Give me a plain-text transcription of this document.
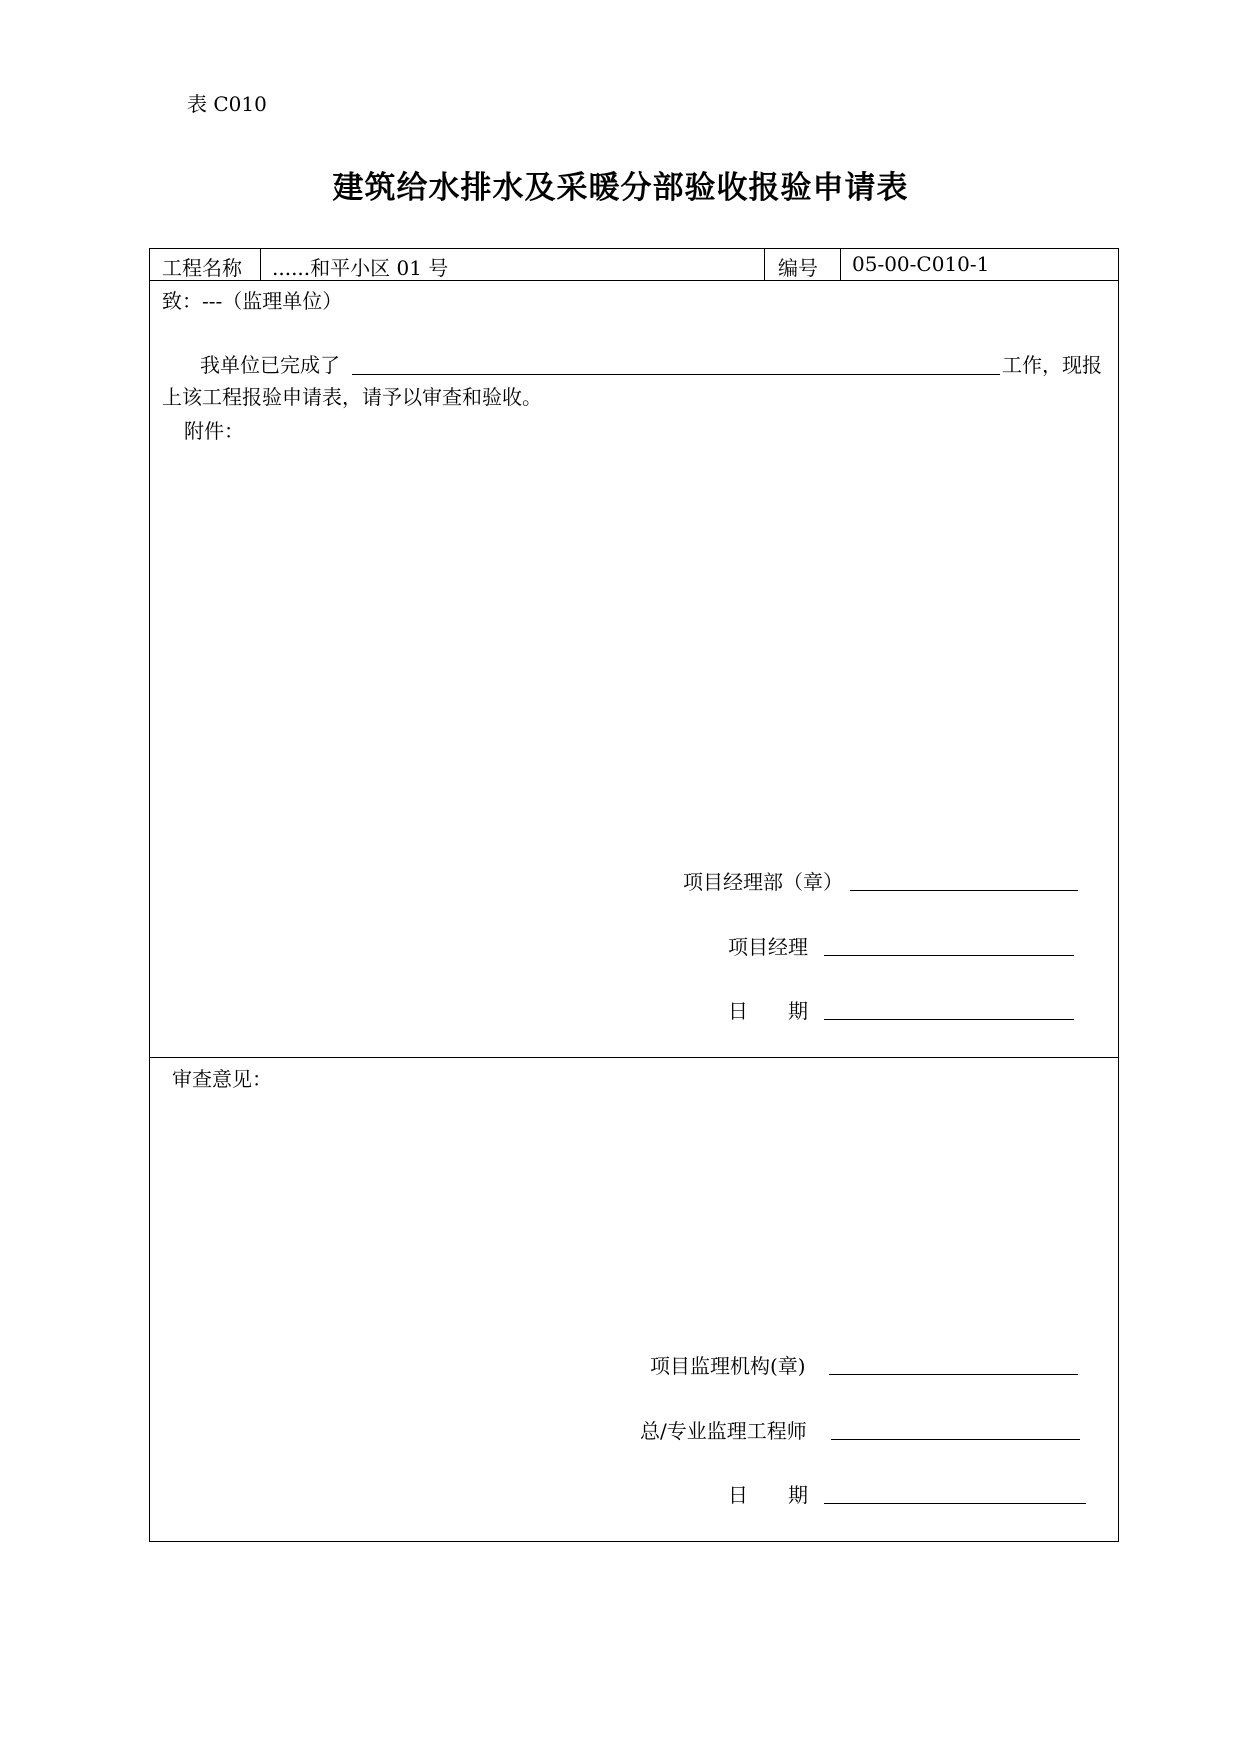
表 C010
建筑给水排水及采暖分部验收报验申请表
工程名称 ......和平小区 01 号	编号 05-00-C010-1
致：---（监理单位）
我单位已完成了	工作，现报
上该工程报验申请表，请予以审查和验收。
附件：
项目经理部（章）
项目经理
日　　期
审查意见：
项目监理机构(章)
总/专业监理工程师
日　　期
